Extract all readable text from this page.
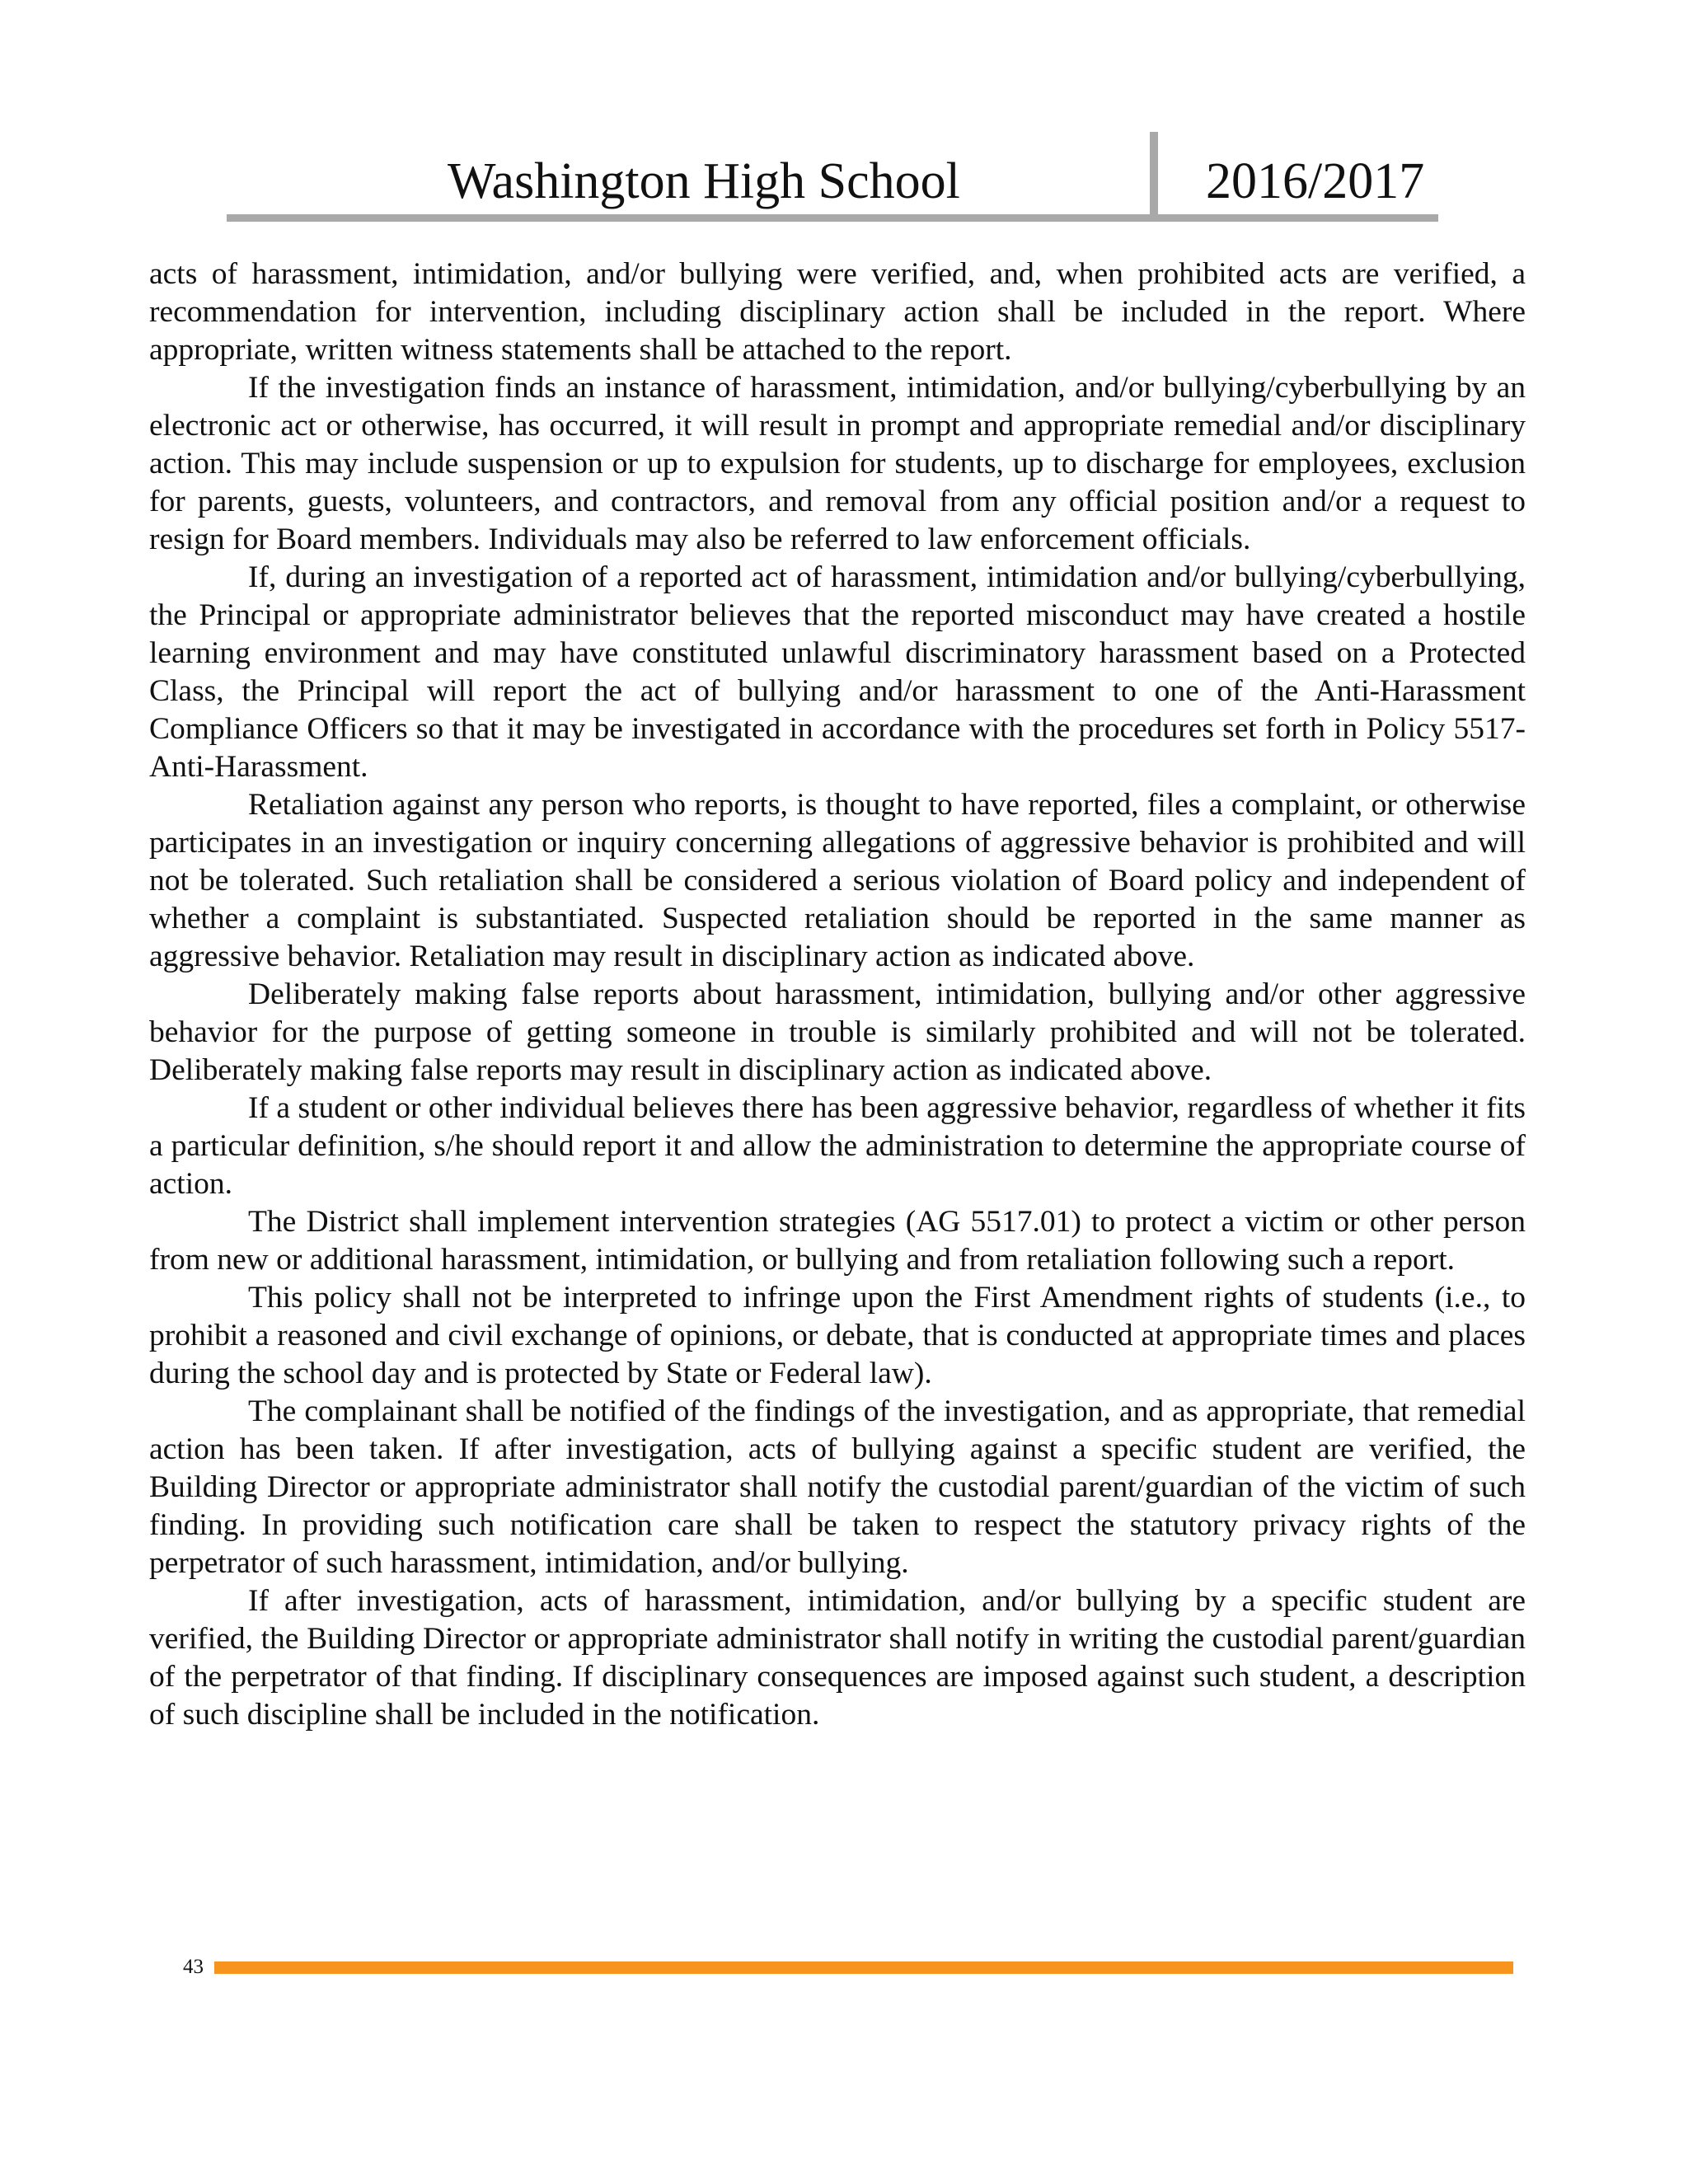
Washington High School	2016/2017

acts of harassment, intimidation, and/or bullying were verified, and, when prohibited acts are verified, a recommendation for intervention, including disciplinary action shall be included in the report. Where appropriate, written witness statements shall be attached to the report.

If the investigation finds an instance of harassment, intimidation, and/or bullying/cyberbullying by an electronic act or otherwise, has occurred, it will result in prompt and appropriate remedial and/or disciplinary action. This may include suspension or up to expulsion for students, up to discharge for employees, exclusion for parents, guests, volunteers, and contractors, and removal from any official position and/or a request to resign for Board members. Individuals may also be referred to law enforcement officials.

If, during an investigation of a reported act of harassment, intimidation and/or bullying/cyberbullying, the Principal or appropriate administrator believes that the reported misconduct may have created a hostile learning environment and may have constituted unlawful discriminatory harassment based on a Protected Class, the Principal will report the act of bullying and/or harassment to one of the Anti-Harassment Compliance Officers so that it may be investigated in accordance with the procedures set forth in Policy 5517- Anti-Harassment.

Retaliation against any person who reports, is thought to have reported, files a complaint, or otherwise participates in an investigation or inquiry concerning allegations of aggressive behavior is prohibited and will not be tolerated. Such retaliation shall be considered a serious violation of Board policy and independent of whether a complaint is substantiated. Suspected retaliation should be reported in the same manner as aggressive behavior. Retaliation may result in disciplinary action as indicated above.

Deliberately making false reports about harassment, intimidation, bullying and/or other aggressive behavior for the purpose of getting someone in trouble is similarly prohibited and will not be tolerated. Deliberately making false reports may result in disciplinary action as indicated above.

If a student or other individual believes there has been aggressive behavior, regardless of whether it fits a particular definition, s/he should report it and allow the administration to determine the appropriate course of action.

The District shall implement intervention strategies (AG 5517.01) to protect a victim or other person from new or additional harassment, intimidation, or bullying and from retaliation following such a report.

This policy shall not be interpreted to infringe upon the First Amendment rights of students (i.e., to prohibit a reasoned and civil exchange of opinions, or debate, that is conducted at appropriate times and places during the school day and is protected by State or Federal law).

The complainant shall be notified of the findings of the investigation, and as appropriate, that remedial action has been taken. If after investigation, acts of bullying against a specific student are verified, the Building Director or appropriate administrator shall notify the custodial parent/guardian of the victim of such finding. In providing such notification care shall be taken to respect the statutory privacy rights of the perpetrator of such harassment, intimidation, and/or bullying.

If after investigation, acts of harassment, intimidation, and/or bullying by a specific student are verified, the Building Director or appropriate administrator shall notify in writing the custodial parent/guardian of the perpetrator of that finding. If disciplinary consequences are imposed against such student, a description of such discipline shall be included in the notification.

43
